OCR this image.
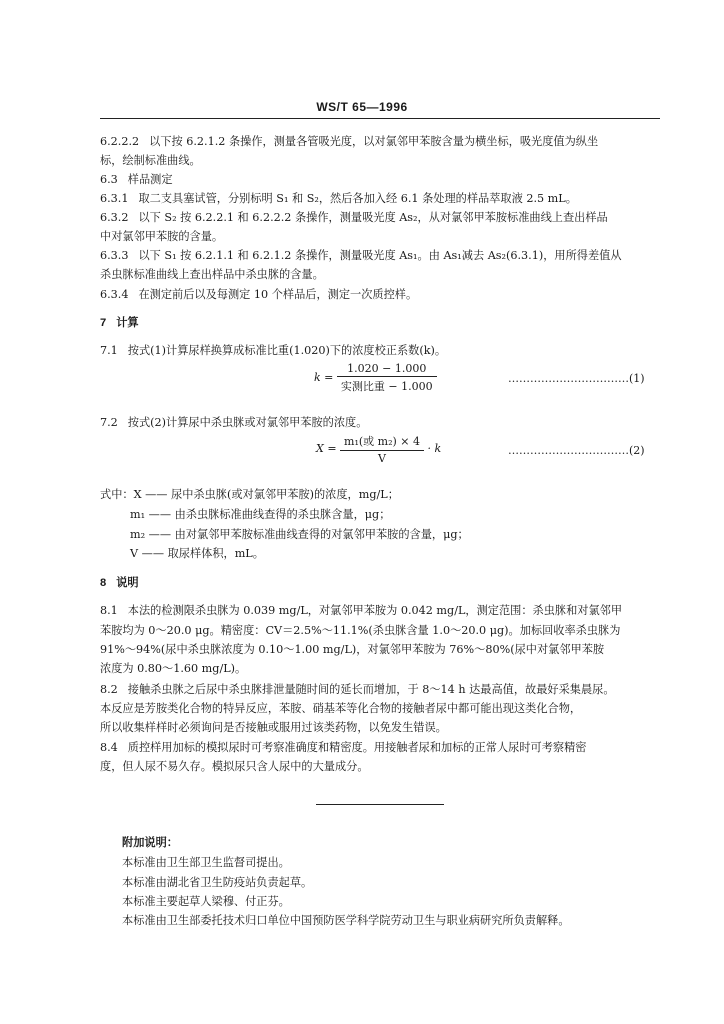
WS/T 65—1996
6.2.2.2 以下按 6.2.1.2 条操作，测量各管吸光度，以对氯邻甲苯胺含量为横坐标，吸光度值为纵坐
标，绘制标准曲线。
6.3 样品测定
6.3.1 取二支具塞试管，分别标明 S₁ 和 S₂，然后各加入经 6.1 条处理的样品萃取液 2.5 mL。
6.3.2 以下 S₂ 按 6.2.2.1 和 6.2.2.2 条操作，测量吸光度 As₂，从对氯邻甲苯胺标准曲线上查出样品
中对氯邻甲苯胺的含量。
6.3.3 以下 S₁ 按 6.2.1.1 和 6.2.1.2 条操作，测量吸光度 As₁。由 As₁减去 As₂(6.3.1)，用所得差值从
杀虫脒标准曲线上查出样品中杀虫脒的含量。
6.3.4 在测定前后以及每测定 10 个样品后，测定一次质控样。
7 计算
7.1 按式(1)计算尿样换算成标准比重(1.020)下的浓度校正系数(k)。
$k = \frac{1.020 - 1.000}{\text{实测比重 − 1.000}}$	……………………………(1)
7.2 按式(2)计算尿中杀虫脒或对氯邻甲苯胺的浓度。
$X = \frac{\text{m₁(或 m₂) × 4}}{V} \cdot k$	……………………………(2)
式中：X —— 尿中杀虫脒(或对氯邻甲苯胺)的浓度，mg/L；
m₁ —— 由杀虫脒标准曲线查得的杀虫脒含量，μg；
m₂ —— 由对氯邻甲苯胺标准曲线查得的对氯邻甲苯胺的含量，μg；
V —— 取尿样体积，mL。
8 说明
8.1 本法的检测限杀虫脒为 0.039 mg/L，对氯邻甲苯胺为 0.042 mg/L，测定范围：杀虫脒和对氯邻甲
苯胺均为 0～20.0 μg。精密度：CV＝2.5%～11.1%(杀虫脒含量 1.0～20.0 μg)。加标回收率杀虫脒为
91%～94%(尿中杀虫脒浓度为 0.10～1.00 mg/L)，对氯邻甲苯胺为 76%～80%(尿中对氯邻甲苯胺
浓度为 0.80～1.60 mg/L)。
8.2 接触杀虫脒之后尿中杀虫脒排泄量随时间的延长而增加，于 8～14 h 达最高值，故最好采集晨尿。
本反应是芳胺类化合物的特异反应，苯胺、硝基苯等化合物的接触者尿中都可能出现这类化合物，
所以收集样样时必须询问是否接触或服用过该类药物，以免发生错误。
8.4 质控样用加标的模拟尿时可考察准确度和精密度。用接触者尿和加标的正常人尿时可考察精密
度，但人尿不易久存。模拟尿只含人尿中的大量成分。
附加说明：
本标准由卫生部卫生监督司提出。
本标准由湖北省卫生防疫站负责起草。
本标准主要起草人梁穆、付正芬。
本标准由卫生部委托技术归口单位中国预防医学科学院劳动卫生与职业病研究所负责解释。
